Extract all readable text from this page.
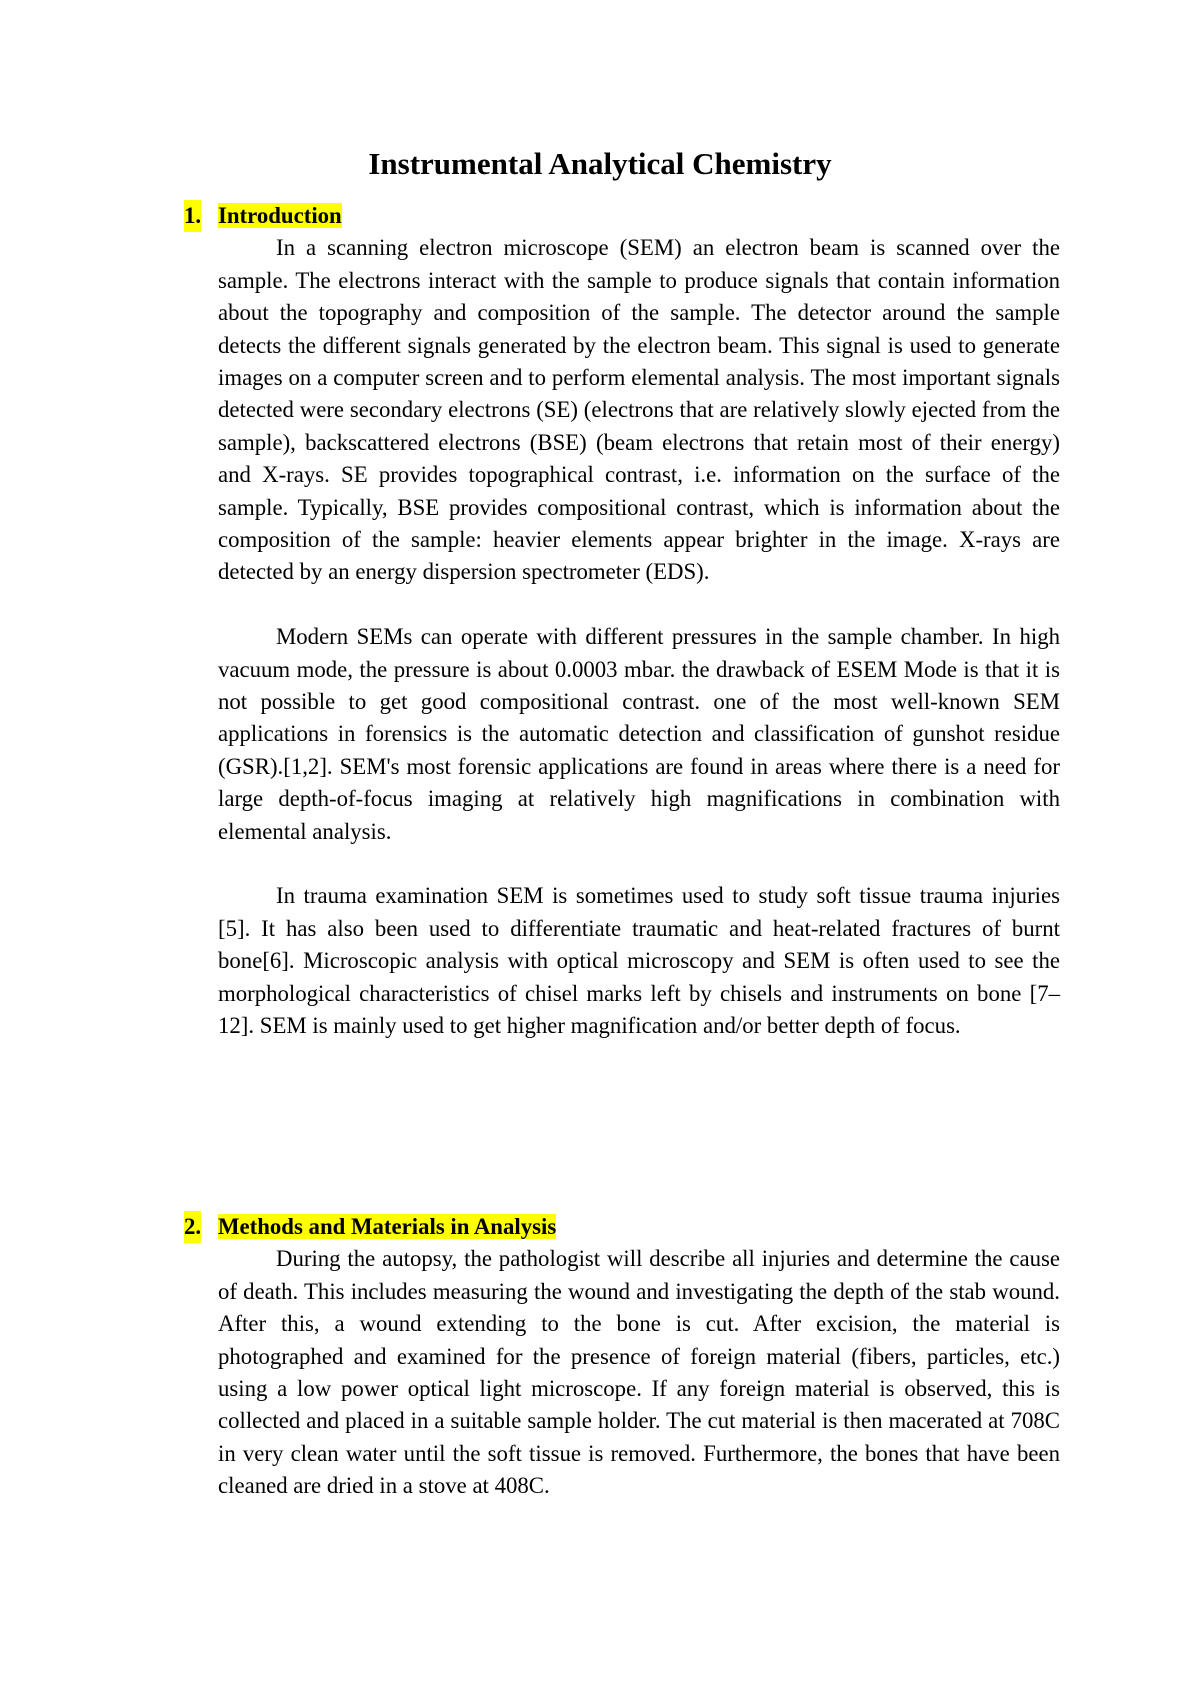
Instrumental Analytical Chemistry
1. Introduction

In a scanning electron microscope (SEM) an electron beam is scanned over the sample. The electrons interact with the sample to produce signals that contain information about the topography and composition of the sample. The detector around the sample detects the different signals generated by the electron beam. This signal is used to generate images on a computer screen and to perform elemental analysis. The most important signals detected were secondary electrons (SE) (electrons that are relatively slowly ejected from the sample), backscattered electrons (BSE) (beam electrons that retain most of their energy) and X-rays. SE provides topographical contrast, i.e. information on the surface of the sample. Typically, BSE provides compositional contrast, which is information about the composition of the sample: heavier elements appear brighter in the image. X-rays are detected by an energy dispersion spectrometer (EDS).

Modern SEMs can operate with different pressures in the sample chamber. In high vacuum mode, the pressure is about 0.0003 mbar. the drawback of ESEM Mode is that it is not possible to get good compositional contrast. one of the most well-known SEM applications in forensics is the automatic detection and classification of gunshot residue (GSR).[1,2]. SEM's most forensic applications are found in areas where there is a need for large depth-of-focus imaging at relatively high magnifications in combination with elemental analysis.

In trauma examination SEM is sometimes used to study soft tissue trauma injuries [5]. It has also been used to differentiate traumatic and heat-related fractures of burnt bone[6]. Microscopic analysis with optical microscopy and SEM is often used to see the morphological characteristics of chisel marks left by chisels and instruments on bone [7–12]. SEM is mainly used to get higher magnification and/or better depth of focus.

2. Methods and Materials in Analysis

During the autopsy, the pathologist will describe all injuries and determine the cause of death. This includes measuring the wound and investigating the depth of the stab wound. After this, a wound extending to the bone is cut. After excision, the material is photographed and examined for the presence of foreign material (fibers, particles, etc.) using a low power optical light microscope. If any foreign material is observed, this is collected and placed in a suitable sample holder. The cut material is then macerated at 708C in very clean water until the soft tissue is removed. Furthermore, the bones that have been cleaned are dried in a stove at 408C.
